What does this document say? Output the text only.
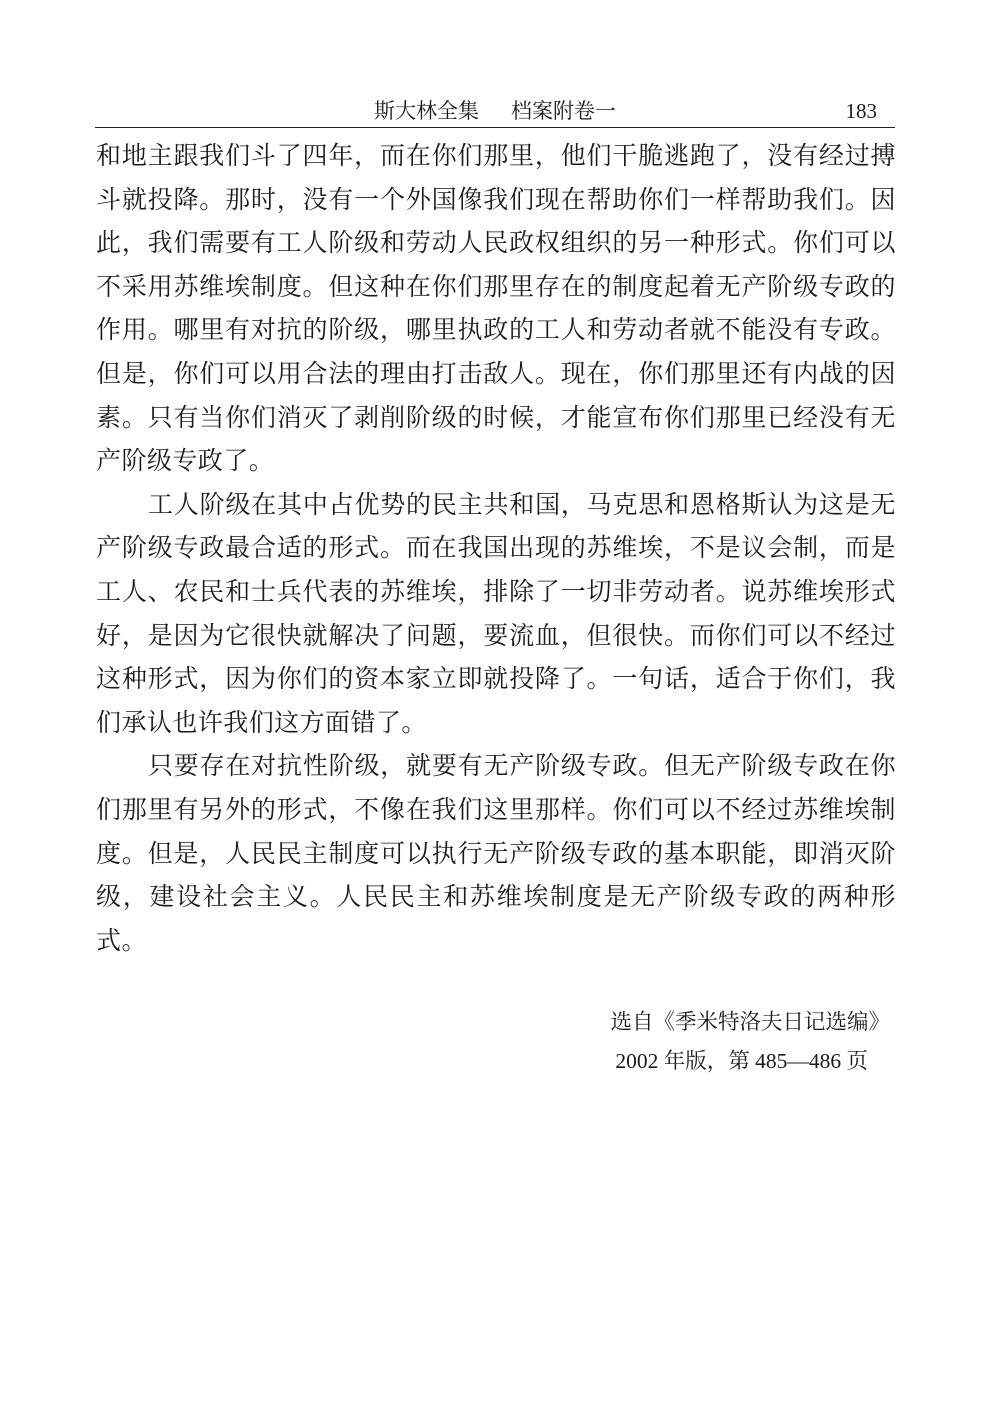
斯大林全集 档案附卷一	183

和地主跟我们斗了四年，而在你们那里，他们干脆逃跑了，没有经过搏斗就投降。那时，没有一个外国像我们现在帮助你们一样帮助我们。因此，我们需要有工人阶级和劳动人民政权组织的另一种形式。你们可以不采用苏维埃制度。但这种在你们那里存在的制度起着无产阶级专政的作用。哪里有对抗的阶级，哪里执政的工人和劳动者就不能没有专政。但是，你们可以用合法的理由打击敌人。现在，你们那里还有内战的因素。只有当你们消灭了剥削阶级的时候，才能宣布你们那里已经没有无产阶级专政了。

工人阶级在其中占优势的民主共和国，马克思和恩格斯认为这是无产阶级专政最合适的形式。而在我国出现的苏维埃，不是议会制，而是工人、农民和士兵代表的苏维埃，排除了一切非劳动者。说苏维埃形式好，是因为它很快就解决了问题，要流血，但很快。而你们可以不经过这种形式，因为你们的资本家立即就投降了。一句话，适合于你们，我们承认也许我们这方面错了。

只要存在对抗性阶级，就要有无产阶级专政。但无产阶级专政在你们那里有另外的形式，不像在我们这里那样。你们可以不经过苏维埃制度。但是，人民民主制度可以执行无产阶级专政的基本职能，即消灭阶级，建设社会主义。人民民主和苏维埃制度是无产阶级专政的两种形式。

选自《季米特洛夫日记选编》
2002 年版，第 485—486 页
